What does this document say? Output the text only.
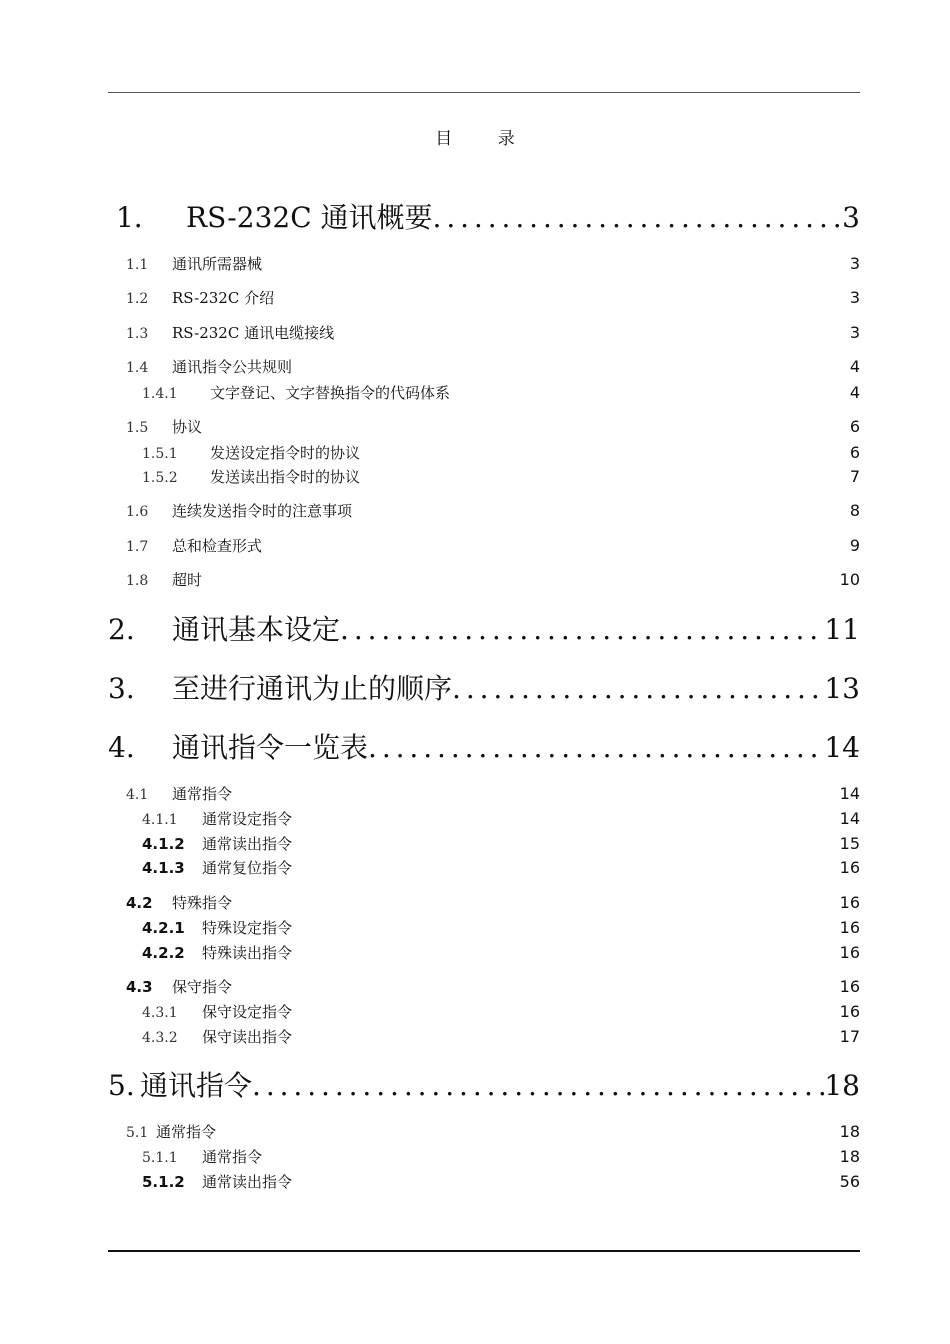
目 录
1． RS-232C 通讯概要 . . .	3
1.1 通讯所需器械	3
1.2 RS-232C 介绍	3
1.3 RS-232C 通讯电缆接线	3
1.4 通讯指令公共规则	4
1.4.1 文字登记、文字替换指令的代码体系	4
1.5 协议	6
1.5.1 发送设定指令时的协议	6
1.5.2 发送读出指令时的协议	7
1.6 连续发送指令时的注意事项	8
1.7 总和检查形式	9
1.8 超时	10
2. 通讯基本设定 . . .	11
3. 至进行通讯为止的顺序 . . .	13
4. 通讯指令一览表 . . .	14
4.1 通常指令	14
4.1.1 通常设定指令	14
4.1.2 通常读出指令	15
4.1.3 通常复位指令	16
4.2 特殊指令	16
4.2.1 特殊设定指令	16
4.2.2 特殊读出指令	16
4.3 保守指令	16
4.3.1 保守设定指令	16
4.3.2 保守读出指令	17
5. 通讯指令 . . .	18
5.1 通常指令	18
5.1.1 通常指令	18
5.1.2 通常读出指令	56
